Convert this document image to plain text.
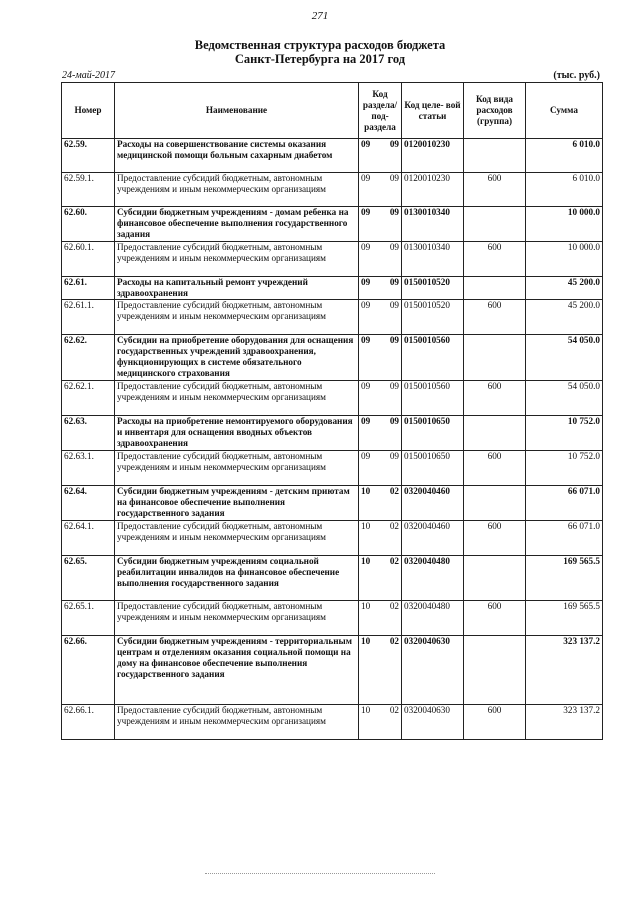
271
Ведомственная структура расходов бюджета
Санкт-Петербурга на 2017 год
24-май-2017	(тыс. руб.)
Номер	Наименование	Код раздела/ под- раздела	Код целе- вой статьи	Код вида расходов (группа)	Сумма
62.59.	Расходы на совершенствование системы оказания медицинской помощи больным сахарным диабетом	09 09	0120010230		6 010.0
62.59.1.	Предоставление субсидий бюджетным, автономным учреждениям и иным некоммерческим организациям	09 09	0120010230	600	6 010.0
62.60.	Субсидии бюджетным учреждениям - домам ребенка на финансовое обеспечение выполнения государственного задания	09 09	0130010340		10 000.0
62.60.1.	Предоставление субсидий бюджетным, автономным учреждениям и иным некоммерческим организациям	09 09	0130010340	600	10 000.0
62.61.	Расходы на капитальный ремонт учреждений здравоохранения	09 09	0150010520		45 200.0
62.61.1.	Предоставление субсидий бюджетным, автономным учреждениям и иным некоммерческим организациям	09 09	0150010520	600	45 200.0
62.62.	Субсидии на приобретение оборудования для оснащения государственных учреждений здравоохранения, функционирующих в системе обязательного медицинского страхования	09 09	0150010560		54 050.0
62.62.1.	Предоставление субсидий бюджетным, автономным учреждениям и иным некоммерческим организациям	09 09	0150010560	600	54 050.0
62.63.	Расходы на приобретение немонтируемого оборудования и инвентаря для оснащения вводных объектов здравоохранения	09 09	0150010650		10 752.0
62.63.1.	Предоставление субсидий бюджетным, автономным учреждениям и иным некоммерческим организациям	09 09	0150010650	600	10 752.0
62.64.	Субсидии бюджетным учреждениям - детским приютам на финансовое обеспечение выполнения государственного задания	10 02	0320040460		66 071.0
62.64.1.	Предоставление субсидий бюджетным, автономным учреждениям и иным некоммерческим организациям	10 02	0320040460	600	66 071.0
62.65.	Субсидии бюджетным учреждениям социальной реабилитации инвалидов на финансовое обеспечение выполнения государственного задания	10 02	0320040480		169 565.5
62.65.1.	Предоставление субсидий бюджетным, автономным учреждениям и иным некоммерческим организациям	10 02	0320040480	600	169 565.5
62.66.	Субсидии бюджетным учреждениям - территориальным центрам и отделениям оказания социальной помощи на дому на финансовое обеспечение выполнения государственного задания	10 02	0320040630		323 137.2
62.66.1.	Предоставление субсидий бюджетным, автономным учреждениям и иным некоммерческим организациям	10 02	0320040630	600	323 137.2
